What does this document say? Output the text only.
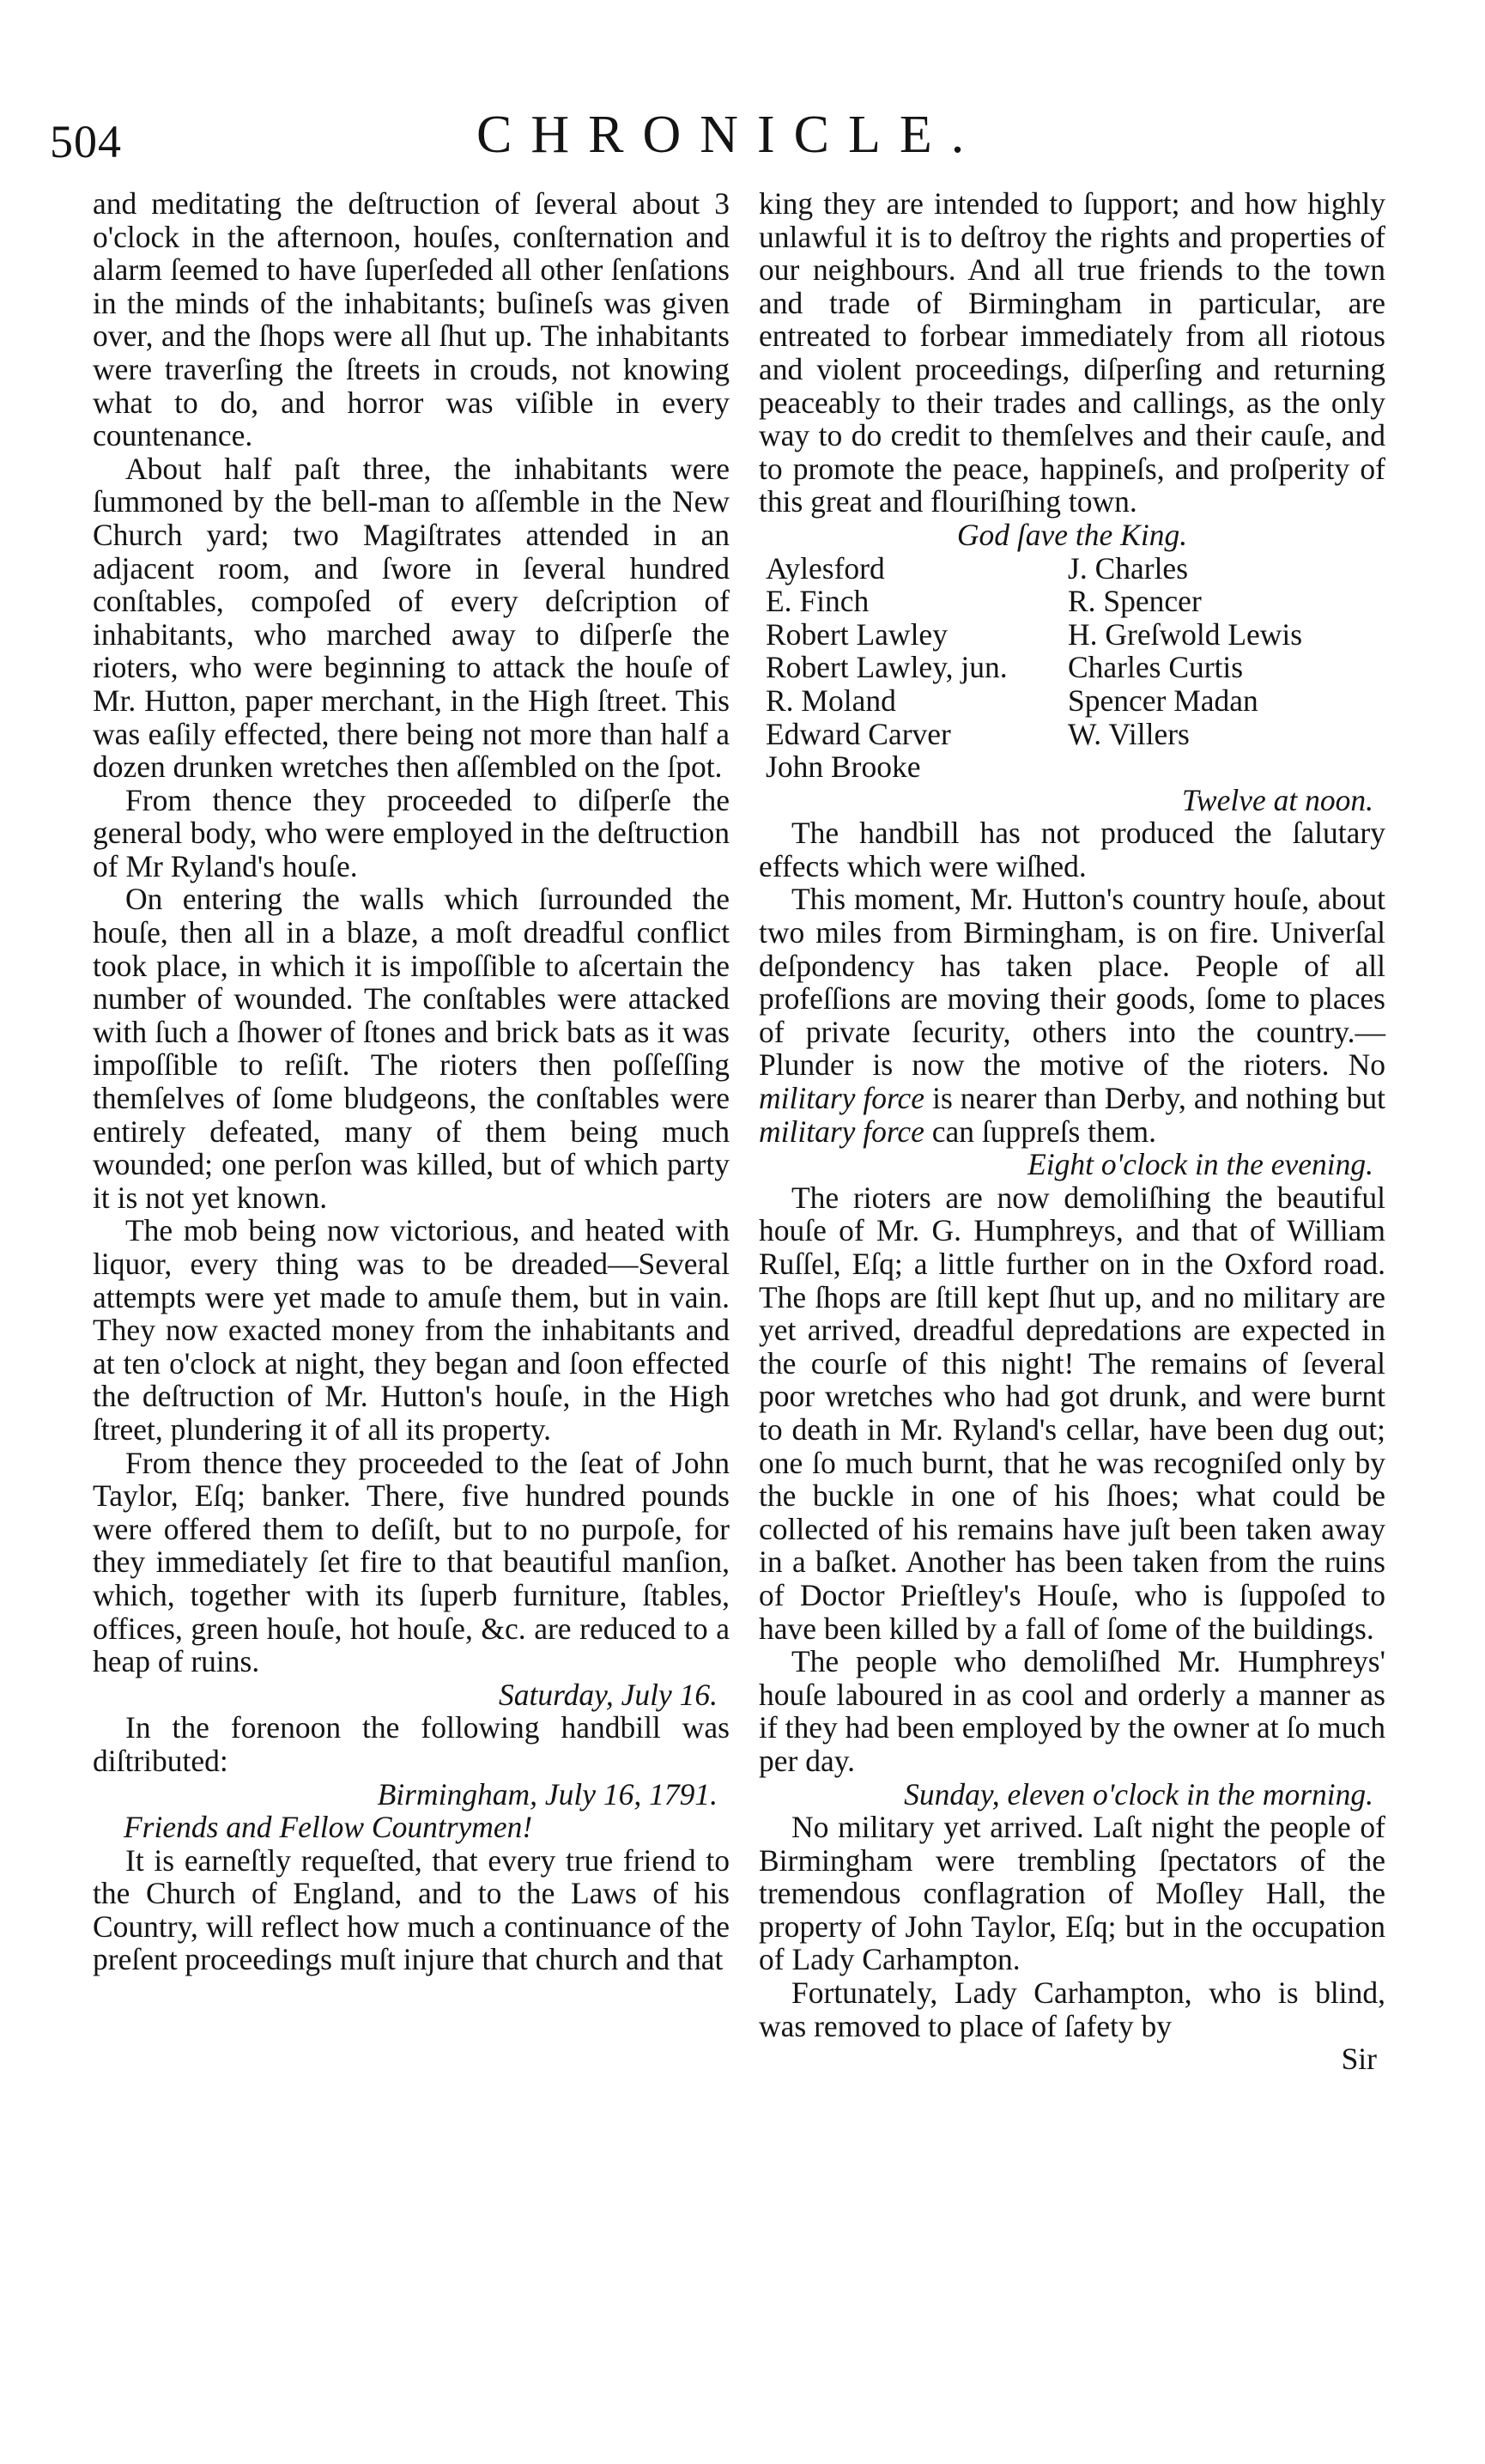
504	CHRONICLE.

and meditating the deſtruction of ſeveral about 3 o'clock in the afternoon, houſes, conſternation and alarm ſeemed to have ſuperſeded all other ſenſations in the minds of the inhabitants; buſineſs was given over, and the ſhops were all ſhut up. The inhabitants were traverſing the ſtreets in crouds, not knowing what to do, and horror was viſible in every countenance.

About half paſt three, the inhabitants were ſummoned by the bell-man to aſſemble in the New Church yard; two Magiſtrates attended in an adjacent room, and ſwore in ſeveral hundred conſtables, compoſed of every deſcription of inhabitants, who marched away to diſperſe the rioters, who were beginning to attack the houſe of Mr. Hutton, paper merchant, in the High ſtreet. This was eaſily effected, there being not more than half a dozen drunken wretches then aſſembled on the ſpot.

From thence they proceeded to diſperſe the general body, who were employed in the deſtruction of Mr Ryland's houſe.

On entering the walls which ſurrounded the houſe, then all in a blaze, a moſt dreadful conflict took place, in which it is impoſſible to aſcertain the number of wounded. The conſtables were attacked with ſuch a ſhower of ſtones and brick bats as it was impoſſible to reſiſt. The rioters then poſſeſſing themſelves of ſome bludgeons, the conſtables were entirely defeated, many of them being much wounded; one perſon was killed, but of which party it is not yet known.

The mob being now victorious, and heated with liquor, every thing was to be dreaded—Several attempts were yet made to amuſe them, but in vain. They now exacted money from the inhabitants and at ten o'clock at night, they began and ſoon effected the deſtruction of Mr. Hutton's houſe, in the High ſtreet, plundering it of all its property.

From thence they proceeded to the ſeat of John Taylor, Eſq; banker. There, five hundred pounds were offered them to deſiſt, but to no purpoſe, for they immediately ſet fire to that beautiful manſion, which, together with its ſuperb furniture, ſtables, offices, green houſe, hot houſe, &c. are reduced to a heap of ruins.

Saturday, July 16.

In the forenoon the following handbill was diſtributed:

Birmingham, July 16, 1791.

Friends and Fellow Countrymen!

It is earneſtly requeſted, that every true friend to the Church of England, and to the Laws of his Country, will reflect how much a continuance of the preſent proceedings muſt injure that church and that

king they are intended to ſupport; and how highly unlawful it is to deſtroy the rights and properties of our neighbours. And all true friends to the town and trade of Birmingham in particular, are entreated to forbear immediately from all riotous and violent proceedings, diſperſing and returning peaceably to their trades and callings, as the only way to do credit to themſelves and their cauſe, and to promote the peace, happineſs, and proſperity of this great and flouriſhing town.

God ſave the King.
Aylesford	J. Charles
E. Finch	R. Spencer
Robert Lawley	H. Greſwold Lewis
Robert Lawley, jun.	Charles Curtis
R. Moland	Spencer Madan
Edward Carver	W. Villers
John Brooke
Twelve at noon.

The handbill has not produced the ſalutary effects which were wiſhed.

This moment, Mr. Hutton's country houſe, about two miles from Birmingham, is on fire. Univerſal deſpondency has taken place. People of all profeſſions are moving their goods, ſome to places of private ſecurity, others into the country.—Plunder is now the motive of the rioters. No military force is nearer than Derby, and nothing but military force can ſuppreſs them.

Eight o'clock in the evening.

The rioters are now demoliſhing the beautiful houſe of Mr. G. Humphreys, and that of William Ruſſel, Eſq; a little further on in the Oxford road. The ſhops are ſtill kept ſhut up, and no military are yet arrived, dreadful depredations are expected in the courſe of this night! The remains of ſeveral poor wretches who had got drunk, and were burnt to death in Mr. Ryland's cellar, have been dug out; one ſo much burnt, that he was recogniſed only by the buckle in one of his ſhoes; what could be collected of his remains have juſt been taken away in a baſket. Another has been taken from the ruins of Doctor Prieſtley's Houſe, who is ſuppoſed to have been killed by a fall of ſome of the buildings.

The people who demoliſhed Mr. Humphreys' houſe laboured in as cool and orderly a manner as if they had been employed by the owner at ſo much per day.

Sunday, eleven o'clock in the morning.

No military yet arrived. Laſt night the people of Birmingham were trembling ſpectators of the tremendous conflagration of Moſley Hall, the property of John Taylor, Eſq; but in the occupation of Lady Carhampton.

Fortunately, Lady Carhampton, who is blind, was removed to place of ſafety by

Sir
